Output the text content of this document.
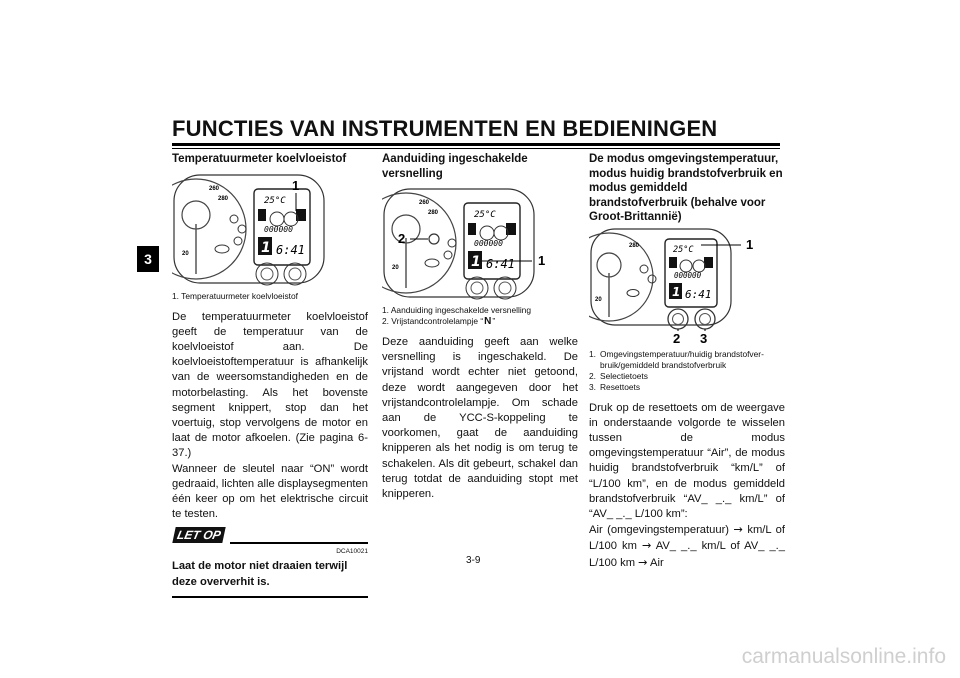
FUNCTIES VAN INSTRUMENTEN EN BEDIENINGEN
3
Temperatuurmeter koelvloeistof
260
280
20
25°C
000000
1 6:41
1
1. Temperatuurmeter koelvloeistof

De temperatuurmeter koelvloeistof geeft de temperatuur van de koelvloeistof aan. De koelvloeistoftemperatuur is afhankelijk van de weersomstandigheden en de motorbelasting. Als het bovenste segment knippert, stop dan het voertuig, stop vervolgens de motor en laat de motor afkoelen. (Zie pagina 6-37.)

Wanneer de sleutel naar “ON” wordt gedraaid, lichten alle displaysegmenten één keer op om het elektrische circuit te testen.

LET OP
DCA10021
Laat de motor niet draaien terwijl deze oververhit is.
Aanduiding ingeschakelde versnelling
260
280
20
25°C
000000
1 6:41 1
2
1. Aanduiding ingeschakelde versnelling
2. Vrijstandcontrolelampje “ N ”

Deze aanduiding geeft aan welke versnelling is ingeschakeld. De vrijstand wordt echter niet getoond, deze wordt aangegeven door het vrijstandcontrolelampje. Om schade aan de YCC-S-koppeling te voorkomen, gaat de aanduiding knipperen als het nodig is om terug te schakelen. Als dit gebeurt, schakel dan terug totdat de aanduiding stopt met knipperen.

De modus omgevingstemperatuur, modus huidig brandstofverbruik en modus gemiddeld brandstofverbruik (behalve voor Groot-Brittannië)
280
20
25°C
000000
1 6:41
1
2 3
1. Omgevingstemperatuur/huidig brandstofver-
bruik/gemiddeld brandstofverbruik
2. Selectietoets
3. Resettoets

Druk op de resettoets om de weergave in onderstaande volgorde te wisselen tussen de modus omgevingstemperatuur “Air”, de modus huidig brandstofverbruik “km/L” of “L/100 km”, en de modus gemiddeld brandstofverbruik “AV_ _._ km/L” of “AV_ _._ L/100 km”:

Air (omgevingstemperatuur) → km/L of L/100 km → AV_ _._ km/L of AV_ _._ L/100 km → Air

3-9
carmanualsonline.info
